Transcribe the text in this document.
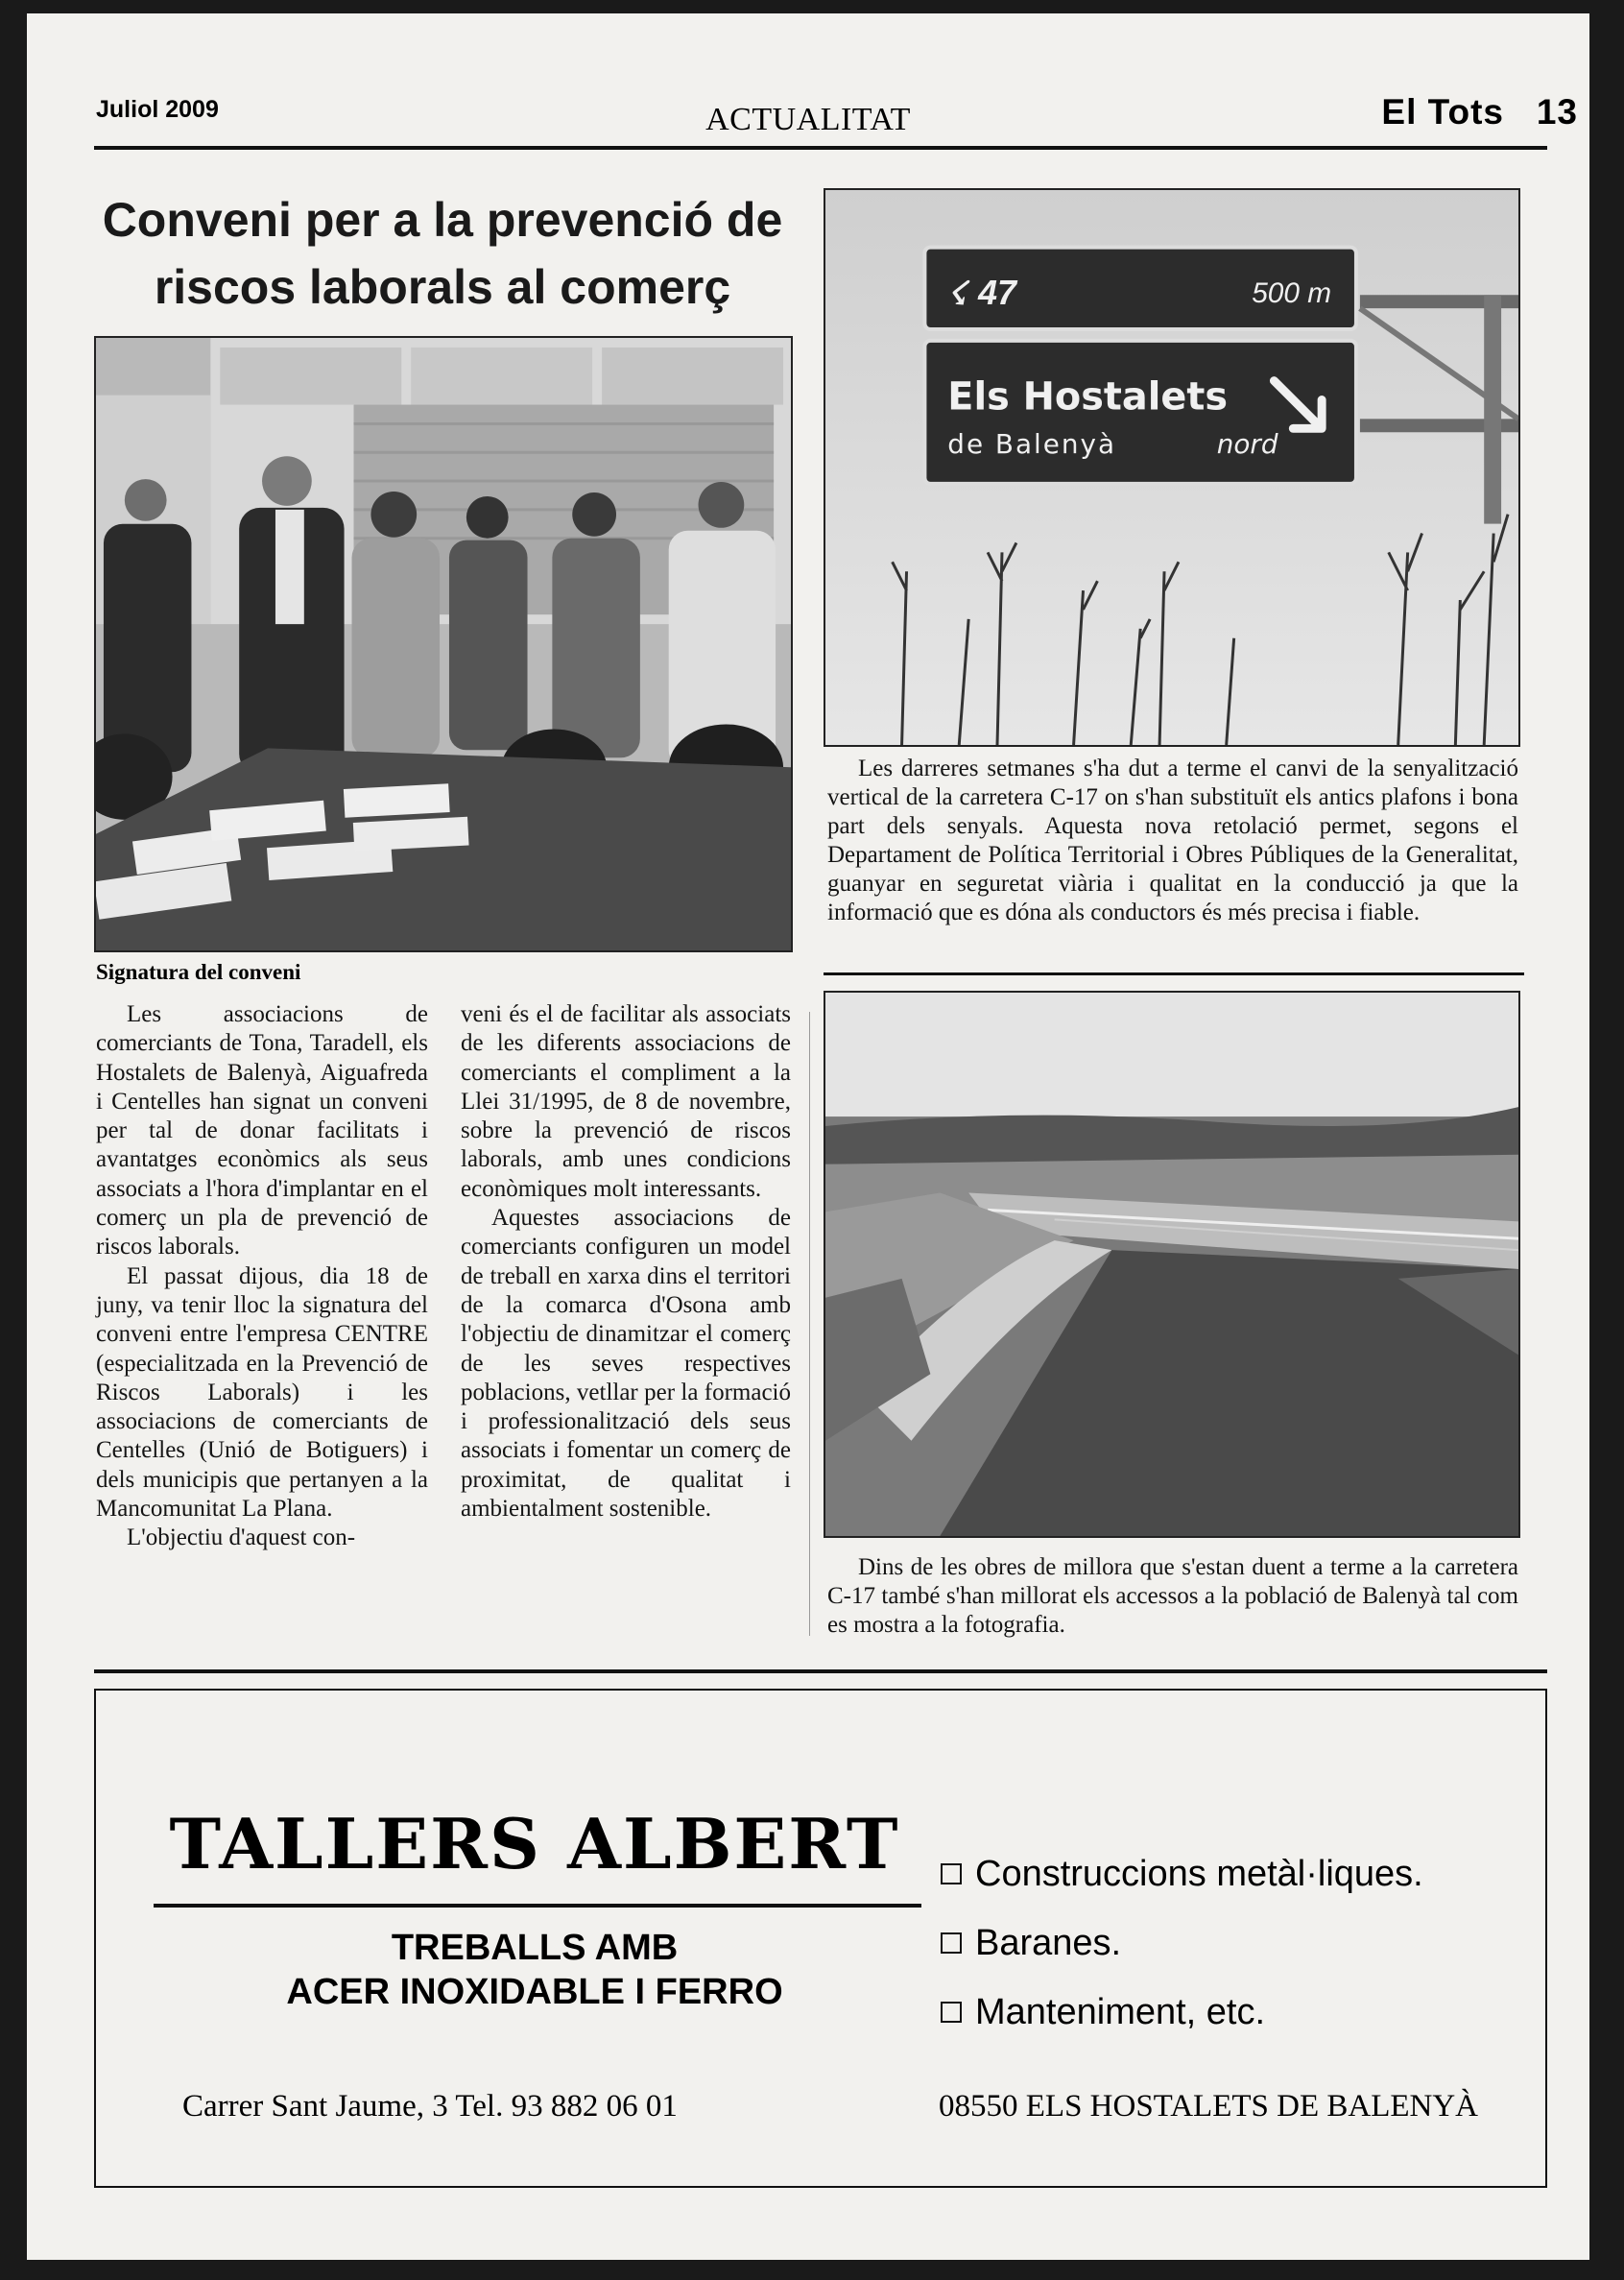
Juliol 2009	ACTUALITAT	El Tots 13
Conveni per a la prevenció de
riscos laborals al comerç
Signatura del conveni

Les associacions de comerciants de Tona, Taradell, els Hostalets de Balenyà, Aiguafreda i Centelles han signat un conveni per tal de donar facilitats i avantatges econòmics als seus associats a l'hora d'implantar en el comerç un pla de prevenció de riscos laborals.

El passat dijous, dia 18 de juny, va tenir lloc la signatura del conveni entre l'empresa CENTRE (especialitzada en la Prevenció de Riscos Laborals) i les associacions de comerciants de Centelles (Unió de Botiguers) i dels municipis que pertanyen a la Mancomunitat La Plana.

L'objectiu d'aquest con-

veni és el de facilitar als associats de les diferents associacions de comerciants el compliment a la Llei 31/1995, de 8 de novembre, sobre la prevenció de riscos laborals, amb unes condicions econòmiques molt interessants.

Aquestes associacions de comerciants configuren un model de treball en xarxa dins el territori de la comarca d'Osona amb l'objectiu de dinamitzar el comerç de les seves respectives poblacions, vetllar per la formació i professionalització dels seus associats i fomentar un comerç de proximitat, de qualitat i ambientalment sostenible.

☇ 47	500 m
Els Hostalets
de Balenyà	nord
Les darreres setmanes s'ha dut a terme el canvi de la senyalització vertical de la carretera C-17 on s'han substituït els antics plafons i bona part dels senyals. Aquesta nova retolació permet, segons el Departament de Política Territorial i Obres Públiques de la Generalitat, guanyar en seguretat viària i qualitat en la conducció ja que la informació que es dóna als conductors és més precisa i fiable.
Dins de les obres de millora que s'estan duent a terme a la carretera C-17 també s'han millorat els accessos a la població de Balenyà tal com es mostra a la fotografia.
TALLERS ALBERT
TREBALLS AMB
ACER INOXIDABLE I FERRO
Construccions metàl·liques.
Baranes.
Manteniment, etc.
Carrer Sant Jaume, 3 Tel. 93 882 06 01	08550 ELS HOSTALETS DE BALENYÀ
